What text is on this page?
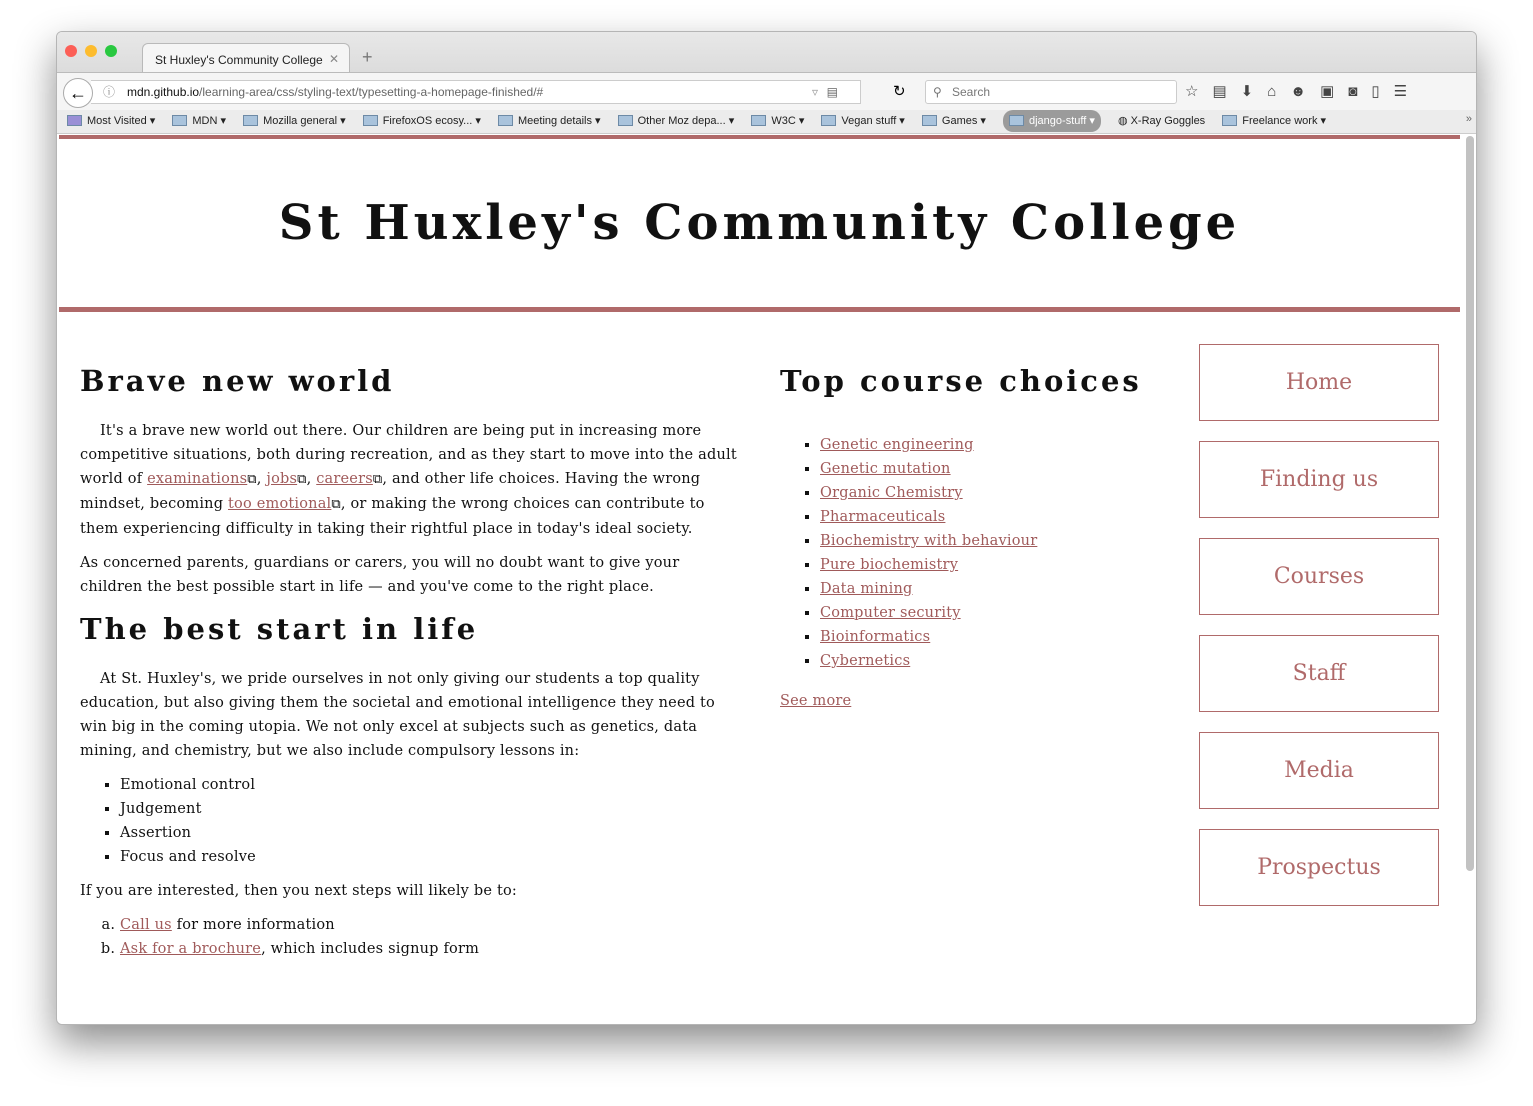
St Huxley's Community College ✕ +
ⓘ mdn.github.io/learning-area/css/styling-text/typesetting-a-homepage-finished/#	▿ ▤
←	↻ ⚲ Search	☆▤⬇⌂☻▣◙▯☰
Most Visited ▾	MDN ▾	Mozilla general ▾	FirefoxOS ecosy... ▾	Meeting details ▾	Other Moz depa... ▾	W3C ▾	Vegan stuff ▾	Games ▾	django-stuff ▾ ◍ X-Ray Goggles	Freelance work ▾	»
St Huxley's Community College
Brave new world

It's a brave new world out there. Our children are being put in increasing more competitive situations, both during recreation, and as they start to move into the adult world of examinations⧉, jobs⧉, careers⧉, and other life choices. Having the wrong mindset, becoming too emotional⧉, or making the wrong choices can contribute to them experiencing difficulty in taking their rightful place in today's ideal society.

As concerned parents, guardians or carers, you will no doubt want to give your children the best possible start in life — and you've come to the right place.

The best start in life

At St. Huxley's, we pride ourselves in not only giving our students a top quality education, but also giving them the societal and emotional intelligence they need to win big in the coming utopia. We not only excel at subjects such as genetics, data mining, and chemistry, but we also include compulsory lessons in:

▪ Emotional control
▪ Judgement
▪ Assertion
▪ Focus and resolve

If you are interested, then you next steps will likely be to:

a. Call us for more information
b. Ask for a brochure, which includes signup form
Top course choices
▪ Genetic engineering
▪ Genetic mutation
▪ Organic Chemistry
▪ Pharmaceuticals
▪ Biochemistry with behaviour
▪ Pure biochemistry
▪ Data mining
▪ Computer security
▪ Bioinformatics
▪ Cybernetics
See more
Home
Finding us
Courses
Staff
Media
Prospectus
